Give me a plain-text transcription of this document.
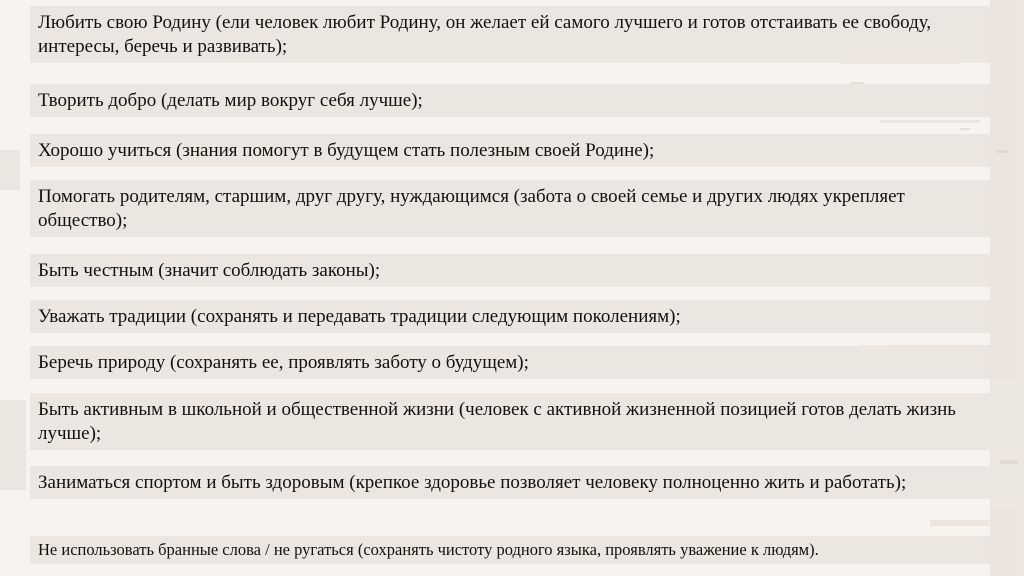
Любить свою Родину (ели человек любит Родину, он желает ей самого лучшего и готов отстаивать ее свободу, интересы, беречь и развивать);
Творить добро (делать мир вокруг себя лучше);
Хорошо учиться (знания помогут в будущем стать полезным своей Родине);
Помогать родителям, старшим, друг другу, нуждающимся (забота о своей семье и других людях укрепляет общество);
Быть честным (значит соблюдать законы);
Уважать традиции (сохранять и передавать традиции следующим поколениям);
Беречь природу (сохранять ее, проявлять заботу о будущем);
Быть активным в школьной и общественной жизни (человек с активной жизненной позицией готов делать жизнь лучше);
Заниматься спортом и быть здоровым (крепкое здоровье позволяет человеку полноценно жить и работать);
Не использовать бранные слова / не ругаться (сохранять чистоту родного языка, проявлять уважение к людям).
